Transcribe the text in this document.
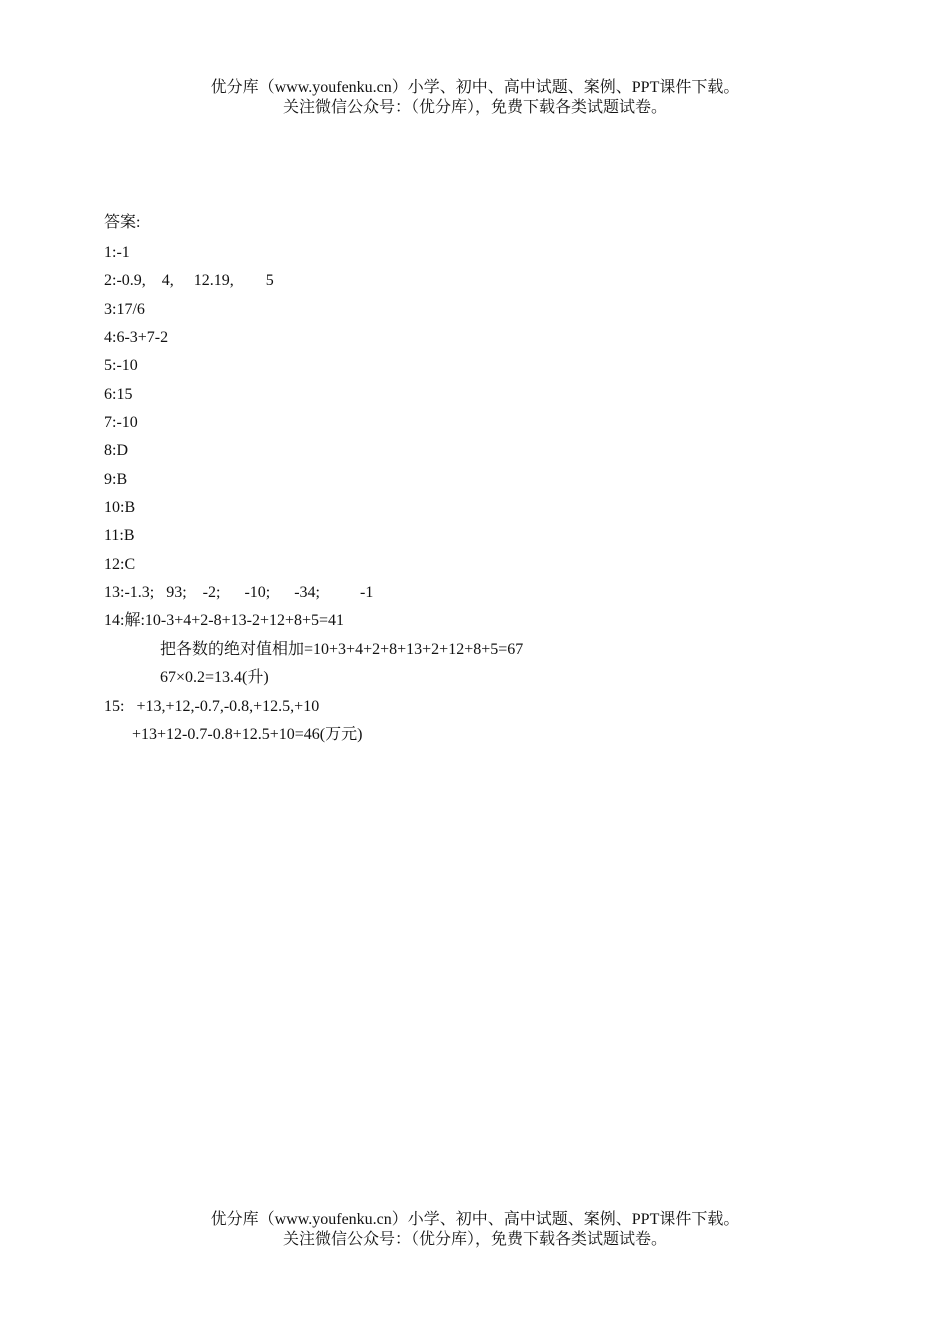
优分库（www.youfenku.cn）小学、初中、高中试题、案例、PPT课件下载。
关注微信公众号：（优分库），免费下载各类试题试卷。
答案:
1:-1
2:-0.9,    4,     12.19,        5
3:17/6
4:6-3+7-2
5:-10
6:15
7:-10
8:D
9:B
10:B
11:B
12:C
13:-1.3;   93;    -2;      -10;      -34;          -1
14:解:10-3+4+2-8+13-2+12+8+5=41
把各数的绝对值相加=10+3+4+2+8+13+2+12+8+5=67
67×0.2=13.4(升)
15:   +13,+12,-0.7,-0.8,+12.5,+10
+13+12-0.7-0.8+12.5+10=46(万元)
优分库（www.youfenku.cn）小学、初中、高中试题、案例、PPT课件下载。
关注微信公众号：（优分库），免费下载各类试题试卷。
